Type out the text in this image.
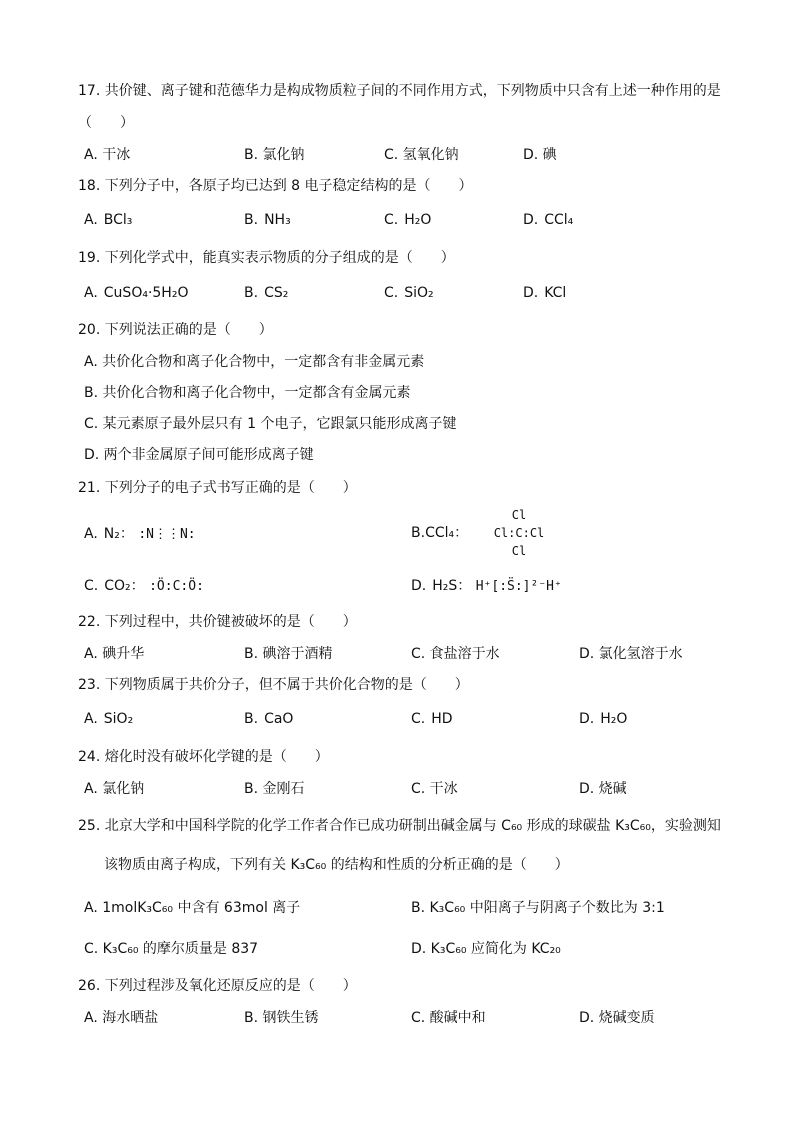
17. 共价键、离子键和范德华力是构成物质粒子间的不同作用方式，下列物质中只含有上述一种作用的是
（　　）
A. 干冰	B. 氯化钠	C. 氢氧化钠	D. 碘
18. 下列分子中，各原子均已达到 8 电子稳定结构的是（　　）
A. BCl₃	B. NH₃	C. H₂O	D. CCl₄
19. 下列化学式中，能真实表示物质的分子组成的是（　　）
A. CuSO₄·5H₂O	B. CS₂	C. SiO₂	D. KCl
20. 下列说法正确的是（　　）
A. 共价化合物和离子化合物中，一定都含有非金属元素
B. 共价化合物和离子化合物中，一定都含有金属元素
C. 某元素原子最外层只有 1 个电子，它跟氯只能形成离子键
D. 两个非金属原子间可能形成离子键
21. 下列分子的电子式书写正确的是（　　）
A. N₂： :N⋮⋮N:	B.CCl₄：
Cl
Cl:C:Cl
Cl
C. CO₂： :Ö:C:Ö:	D. H₂S： H⁺[:S̈:]²⁻H⁺
22. 下列过程中，共价键被破坏的是（　　）
A. 碘升华	B. 碘溶于酒精	C. 食盐溶于水	D. 氯化氢溶于水
23. 下列物质属于共价分子，但不属于共价化合物的是（　　）
A. SiO₂	B. CaO	C. HD	D. H₂O
24. 熔化时没有破坏化学键的是（　　）
A. 氯化钠	B. 金刚石	C. 干冰	D. 烧碱
25. 北京大学和中国科学院的化学工作者合作已成功研制出碱金属与 C₆₀ 形成的球碳盐 K₃C₆₀，实验测知
该物质由离子构成，下列有关 K₃C₆₀ 的结构和性质的分析正确的是（　　）
A. 1molK₃C₆₀ 中含有 63mol 离子	B. K₃C₆₀ 中阳离子与阴离子个数比为 3:1
C. K₃C₆₀ 的摩尔质量是 837	D. K₃C₆₀ 应简化为 KC₂₀
26. 下列过程涉及氧化还原反应的是（　　）
A. 海水晒盐	B. 钢铁生锈	C. 酸碱中和	D. 烧碱变质
